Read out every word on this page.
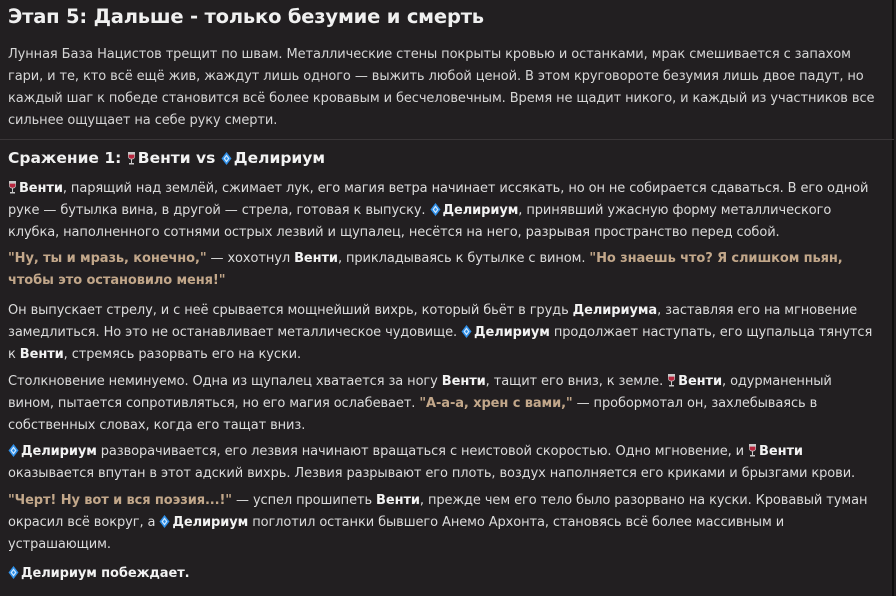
Этап 5: Дальше - только безумие и смерть

Лунная База Нацистов трещит по швам. Металлические стены покрыты кровью и останками, мрак смешивается с запахом гари, и те, кто всё ещё жив, жаждут лишь одного — выжить любой ценой. В этом круговороте безумия лишь двое падут, но каждый шаг к победе становится всё более кровавым и бесчеловечным. Время не щадит никого, и каждый из участников все сильнее ощущает на себе руку смерти.

Сражение 1: Венти vs Делириум

Венти, парящий над землёй, сжимает лук, его магия ветра начинает иссякать, но он не собирается сдаваться. В его одной руке — бутылка вина, в другой — стрела, готовая к выпуску. Делириум, принявший ужасную форму металлического клубка, наполненного сотнями острых лезвий и щупалец, несётся на него, разрывая пространство перед собой.

"Ну, ты и мразь, конечно," — хохотнул Венти, прикладываясь к бутылке с вином. "Но знаешь что? Я слишком пьян, чтобы это остановило меня!"

Он выпускает стрелу, и с неё срывается мощнейший вихрь, который бьёт в грудь Делириума, заставляя его на мгновение замедлиться. Но это не останавливает металлическое чудовище. Делириум продолжает наступать, его щупальца тянутся к Венти, стремясь разорвать его на куски.

Столкновение неминуемо. Одна из щупалец хватается за ногу Венти, тащит его вниз, к земле. Венти, одурманенный вином, пытается сопротивляться, но его магия ослабевает. "А-а-а, хрен с вами," — пробормотал он, захлебываясь в собственных словах, когда его тащат вниз.

Делириум разворачивается, его лезвия начинают вращаться с неистовой скоростью. Одно мгновение, и Венти оказывается впутан в этот адский вихрь. Лезвия разрывают его плоть, воздух наполняется его криками и брызгами крови.

"Черт! Ну вот и вся поэзия...!" — успел прошипеть Венти, прежде чем его тело было разорвано на куски. Кровавый туман окрасил всё вокруг, а Делириум поглотил останки бывшего Анемо Архонта, становясь всё более массивным и устрашающим.

Делириум побеждает.
